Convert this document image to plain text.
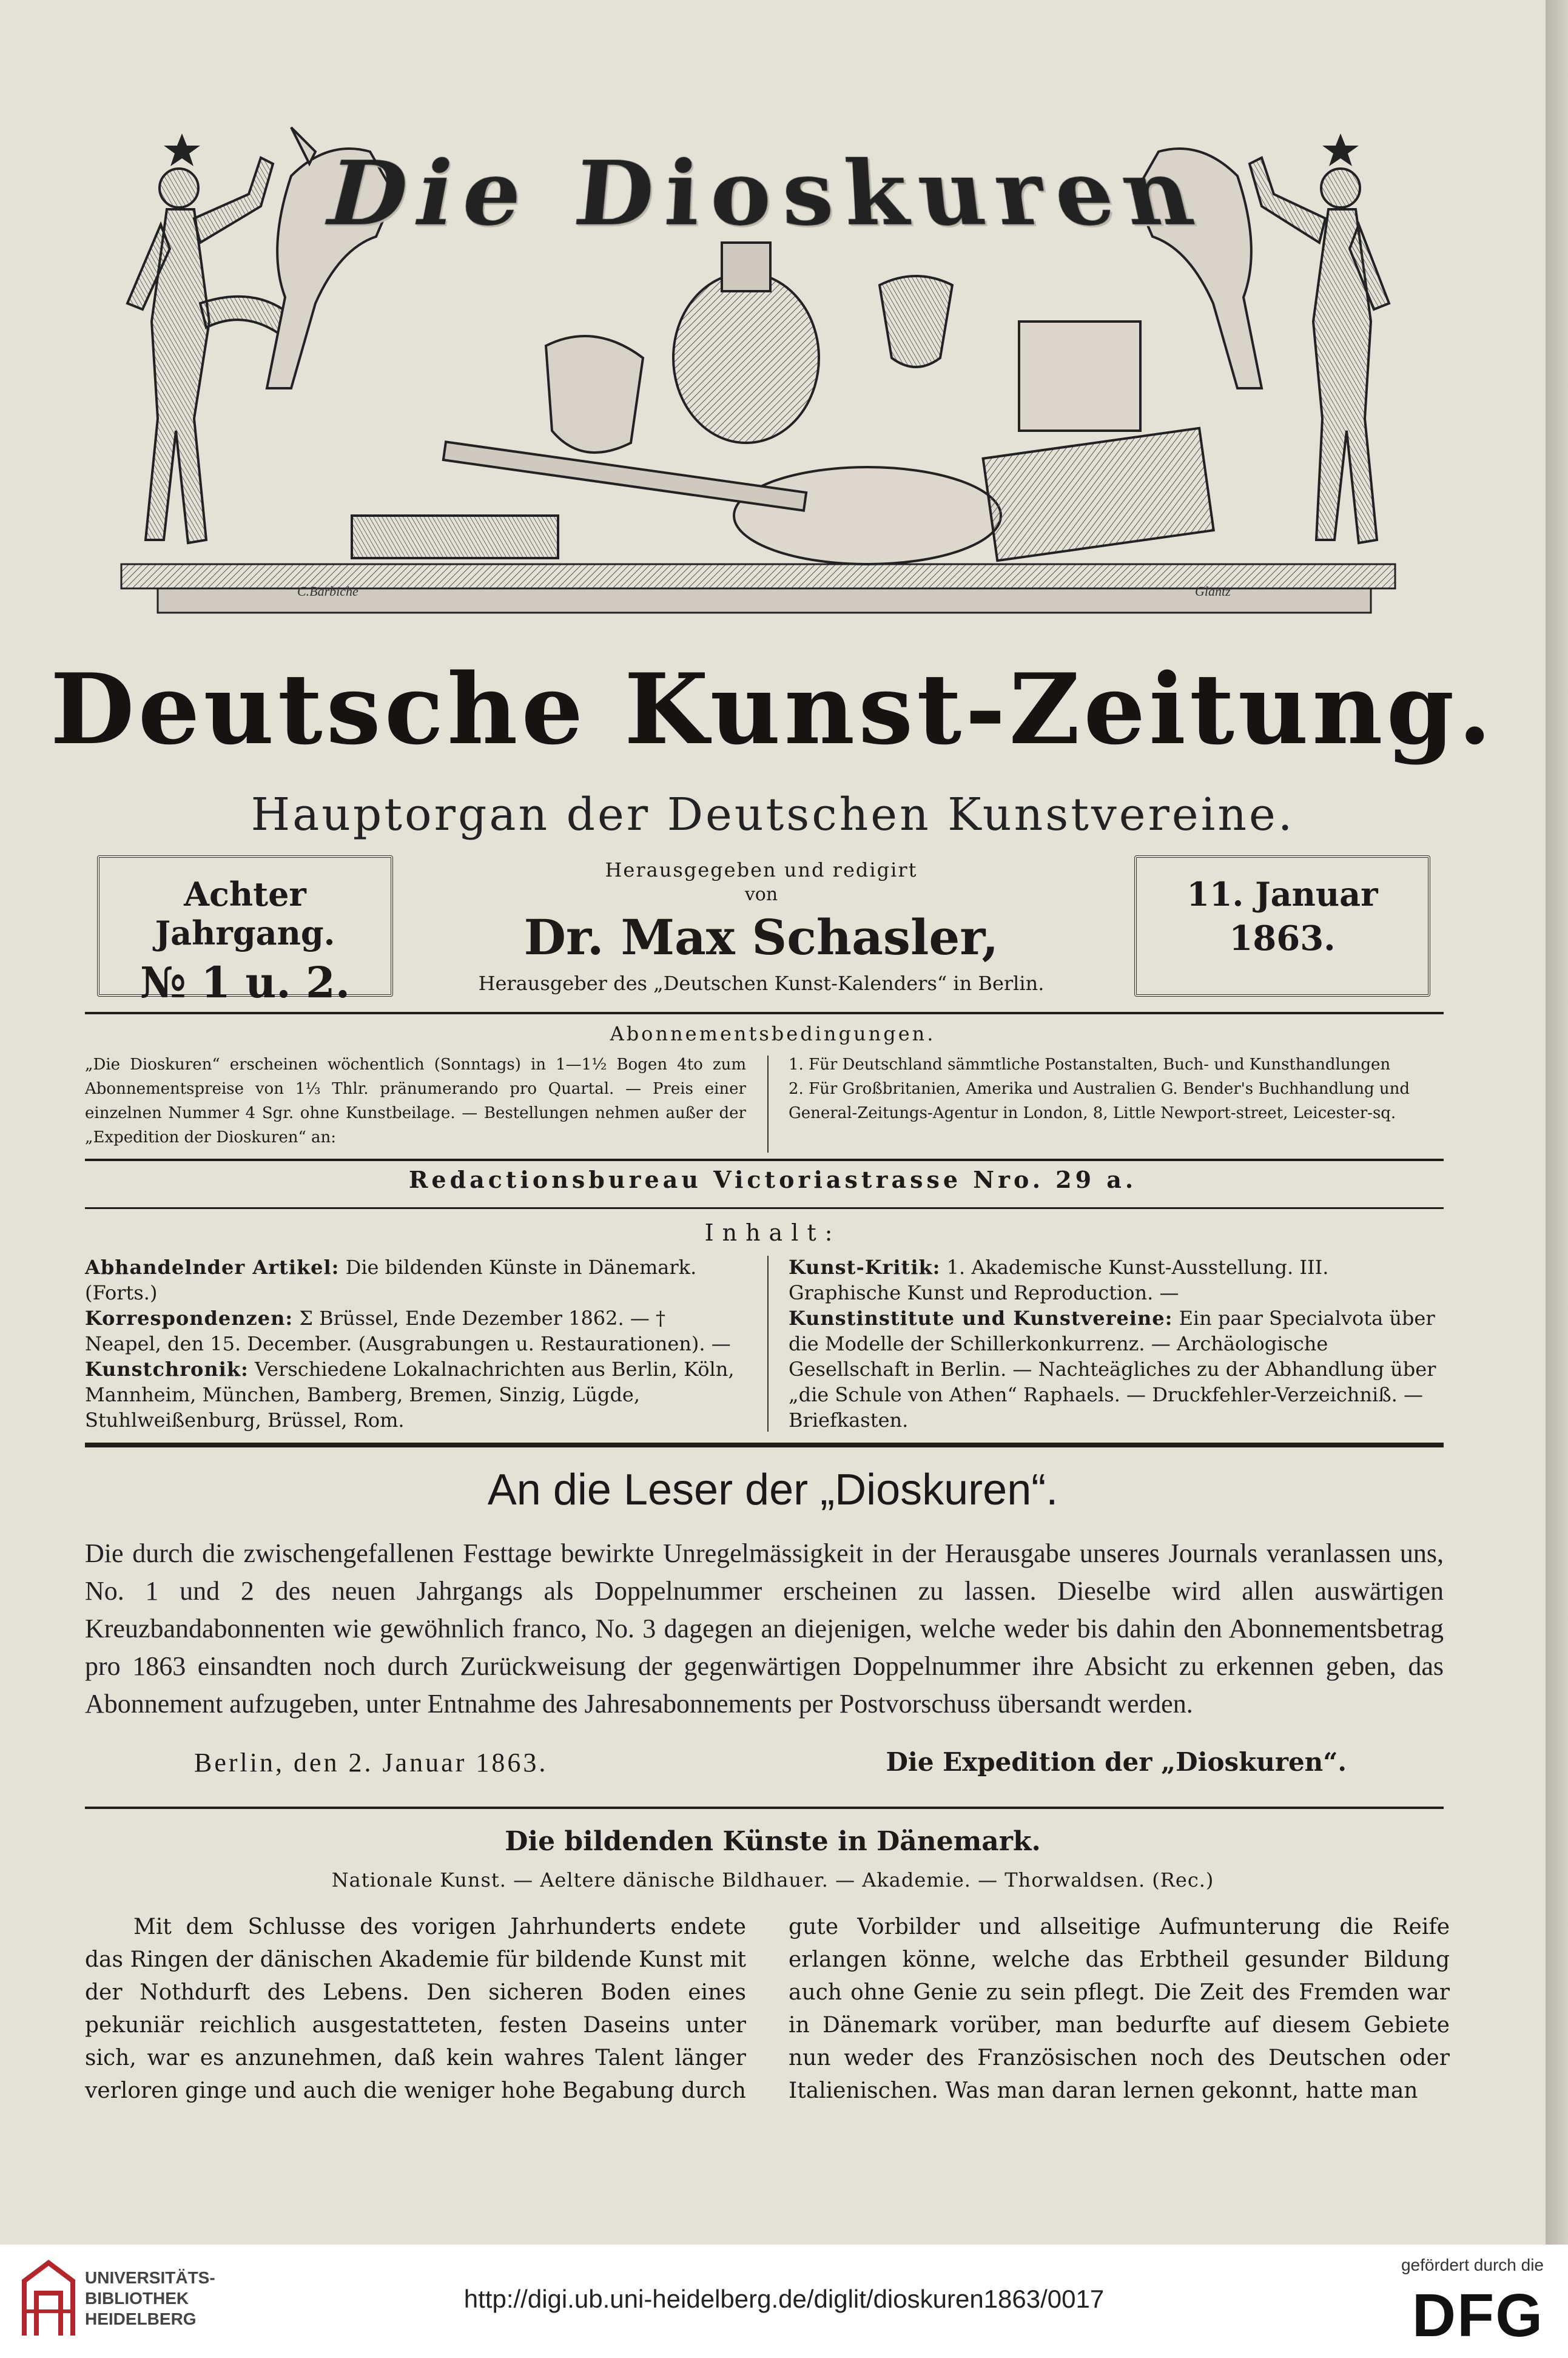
C.Barbiche	Glantz
Die Dioskuren
Deutsche Kunst-Zeitung.
Hauptorgan der Deutschen Kunstvereine.
Achter Jahrgang.
№ 1 u. 2.
Herausgegeben und redigirt
von
Dr. Max Schasler,
Herausgeber des „Deutschen Kunst-Kalenders“ in Berlin.
11. Januar
1863.
Abonnementsbedingungen.
„Die Dioskuren“ erscheinen wöchentlich (Sonntags) in 1—1½ Bogen 4to zum Abonnementspreise von 1⅓ Thlr. pränumerando pro Quartal. — Preis einer einzelnen Nummer 4 Sgr. ohne Kunstbeilage. — Bestellungen nehmen außer der „Expedition der Dioskuren“ an:
1. Für Deutschland sämmtliche Postanstalten, Buch- und Kunsthandlungen
2. Für Großbritanien, Amerika und Australien G. Bender's Buchhandlung und General-Zeitungs-Agentur in London, 8, Little Newport-street, Leicester-sq.
Redactionsbureau Victoriastrasse Nro. 29 a.
Inhalt:

Abhandelnder Artikel: Die bildenden Künste in Dänemark. (Forts.)

Korrespondenzen: Σ Brüssel, Ende Dezember 1862. — † Neapel, den 15. December. (Ausgrabungen u. Restaurationen). —

Kunstchronik: Verschiedene Lokalnachrichten aus Berlin, Köln, Mannheim, München, Bamberg, Bremen, Sinzig, Lügde, Stuhlweißenburg, Brüssel, Rom.

Kunst-Kritik: 1. Akademische Kunst-Ausstellung. III. Graphische Kunst und Reproduction. —

Kunstinstitute und Kunstvereine: Ein paar Specialvota über die Modelle der Schillerkonkurrenz. — Archäologische Gesellschaft in Berlin. — Nachteägliches zu der Abhandlung über „die Schule von Athen“ Raphaels. — Druckfehler-Verzeichniß. — Briefkasten.

An die Leser der „Dioskuren“.
Die durch die zwischengefallenen Festtage bewirkte Unregelmässigkeit in der Herausgabe unseres Journals veranlassen uns, No. 1 und 2 des neuen Jahrgangs als Doppelnummer erscheinen zu lassen. Dieselbe wird allen auswärtigen Kreuzbandabonnenten wie gewöhnlich franco, No. 3 dagegen an diejenigen, welche weder bis dahin den Abonnementsbetrag pro 1863 einsandten noch durch Zurückweisung der gegenwärtigen Doppelnummer ihre Absicht zu erkennen geben, das Abonnement aufzugeben, unter Entnahme des Jahresabonnements per Postvorschuss übersandt werden.
Berlin, den 2. Januar 1863.	Die Expedition der „Dioskuren“.
Die bildenden Künste in Dänemark.
Nationale Kunst. — Aeltere dänische Bildhauer. — Akademie. — Thorwaldsen. (Rec.)

Mit dem Schlusse des vorigen Jahrhunderts endete das Ringen der dänischen Akademie für bildende Kunst mit der Nothdurft des Lebens. Den sicheren Boden eines pekuniär reichlich ausgestatteten, festen Daseins unter sich, war es anzunehmen, daß kein wahres Talent länger verloren ginge und auch die weniger hohe Begabung durch

gute Vorbilder und allseitige Aufmunterung die Reife erlangen könne, welche das Erbtheil gesunder Bildung auch ohne Genie zu sein pflegt. Die Zeit des Fremden war in Dänemark vorüber, man bedurfte auf diesem Gebiete nun weder des Französischen noch des Deutschen oder Italienischen. Was man daran lernen gekonnt, hatte man

UNIVERSITÄTS-
BIBLIOTHEK
HEIDELBERG
http://digi.ub.uni-heidelberg.de/diglit/dioskuren1863/0017
gefördert durch die
DFG
